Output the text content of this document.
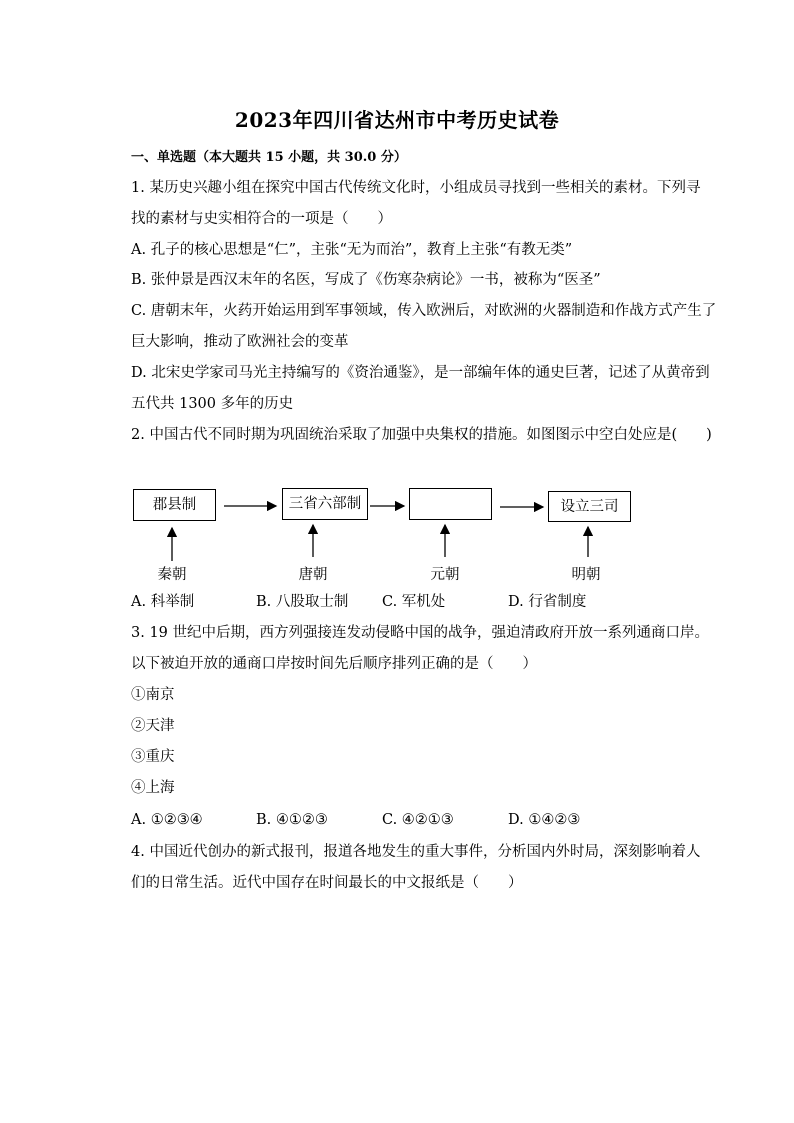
2023年四川省达州市中考历史试卷
一、单选题（本大题共 15 小题，共 30.0 分）
1. 某历史兴趣小组在探究中国古代传统文化时，小组成员寻找到一些相关的素材。下列寻
找的素材与史实相符合的一项是（　　）
A. 孔子的核心思想是“仁”，主张“无为而治”，教育上主张“有教无类”
B. 张仲景是西汉末年的名医，写成了《伤寒杂病论》一书，被称为“医圣”
C. 唐朝末年，火药开始运用到军事领域，传入欧洲后，对欧洲的火器制造和作战方式产生了
巨大影响，推动了欧洲社会的变革
D. 北宋史学家司马光主持编写的《资治通鉴》，是一部编年体的通史巨著，记述了从黄帝到
五代共 1300 多年的历史
2. 中国古代不同时期为巩固统治采取了加强中央集权的措施。如图图示中空白处应是(　　)
郡县制	三省六部制	设立三司
秦朝	唐朝	元朝	明朝
A. 科举制	B. 八股取士制 C. 军机处	D. 行省制度
3. 19 世纪中后期，西方列强接连发动侵略中国的战争，强迫清政府开放一系列通商口岸。
以下被迫开放的通商口岸按时间先后顺序排列正确的是（　　）
①南京
②天津
③重庆
④上海
A. ①②③④	B. ④①②③	C. ④②①③	D. ①④②③
4. 中国近代创办的新式报刊，报道各地发生的重大事件，分析国内外时局，深刻影响着人
们的日常生活。近代中国存在时间最长的中文报纸是（　　）
